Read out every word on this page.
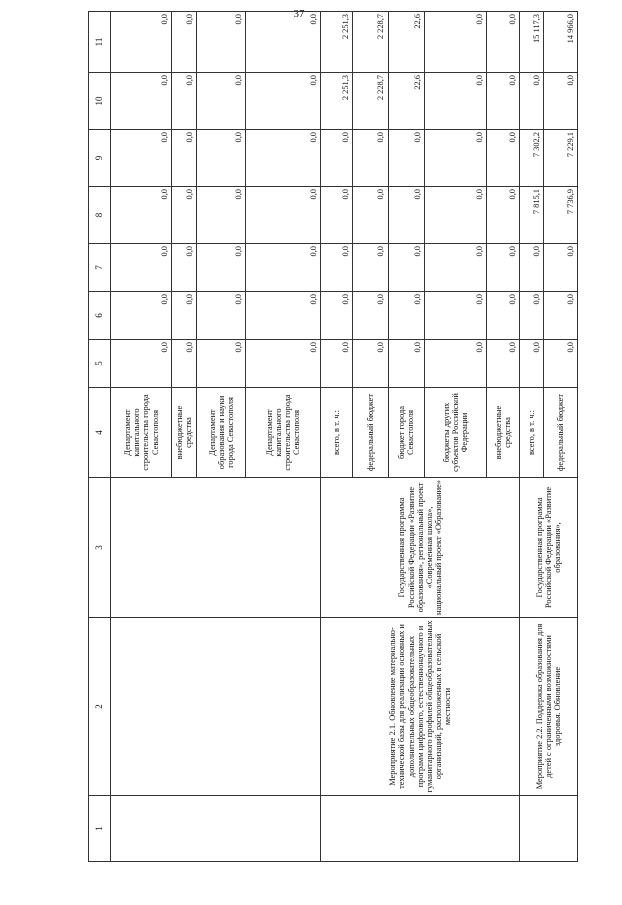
37
1	2	3	4	5	6	7	8	9	10	11
			Департамент капитального строительства города Севастополя	0,0	0,0	0,0	0,0	0,0	0,0	0,0
			внебюджетные средства	0,0	0,0	0,0	0,0	0,0	0,0	0,0
			Департамент образования и науки города Севастополя	0,0	0,0	0,0	0,0	0,0	0,0	0,0
			Департамент капитального строительства города Севастополя	0,0	0,0	0,0	0,0	0,0	0,0	0,0
	Мероприятие 2.1. Обновление материально-технической базы для реализации основных и дополнительных общеобразовательных программ цифрового, естественнонаучного и гуманитарного профилей общеобразовательных организаций, расположенных в сельской местности	Государственная программа Российской Федерации «Развитие образования», региональный проект «Современная школа», национальный проект «Образование»	всего, в т. ч.:	0,0	0,0	0,0	0,0	0,0	2 251,3	2 251,3
			федеральный бюджет	0,0	0,0	0,0	0,0	0,0	2 228,7	2 228,7
			бюджет города Севастополя	0,0	0,0	0,0	0,0	0,0	22,6	22,6
			бюджеты других субъектов Российской Федерации	0,0	0,0	0,0	0,0	0,0	0,0	0,0
			внебюджетные средства	0,0	0,0	0,0	0,0	0,0	0,0	0,0
	Мероприятие 2.2. Поддержка образования для детей с ограниченными возможностями здоровья. Обновление	Государственная программа Российской Федерации «Развитие образования»,	всего, в т. ч.:	0,0	0,0	0,0	7 815,1	7 302,2	0,0	15 117,3
			федеральный бюджет	0,0	0,0	0,0	7 736,9	7 229,1	0,0	14 966,0
